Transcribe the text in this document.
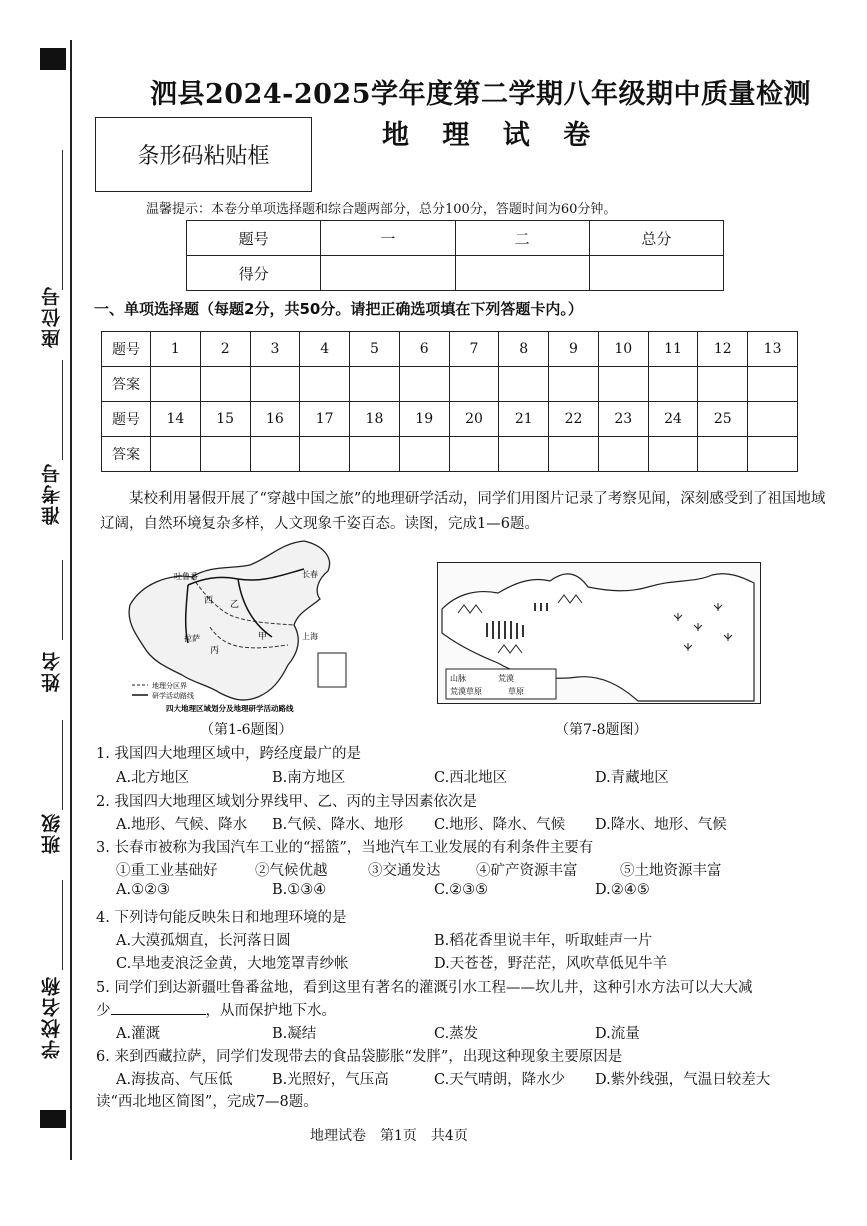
座位号
准考号
姓名
班级
学校名称
泗县2024-2025学年度第二学期八年级期中质量检测
地 理 试 卷
条形码粘贴框
温馨提示：本卷分单项选择题和综合题两部分，总分100分，答题时间为60分钟。
题号	一	二	总分
得分			
一、单项选择题（每题2分，共50分。请把正确选项填在下列答题卡内。）
题号	1	2	3	4	5	6	7	8	9	10	11	12	13
答案													
题号	14	15	16	17	18	19	20	21	22	23	24	25	
答案													
某校利用暑假开展了“穿越中国之旅”的地理研学活动，同学们用图片记录了考察见闻，深刻感受到了祖国地域辽阔，自然环境复杂多样，人文现象千姿百态。读图，完成1—6题。
吐鲁番	长春
西 乙
拉萨	甲	上海
丙
地理分区界
研学活动路线
四大地理区域划分及地理研学活动路线
（第1-6题图）
山脉	荒漠
荒漠草原	草原
（第7-8题图）
1. 我国四大地理区域中，跨经度最广的是
A.北方地区	B.南方地区	C.西北地区	D.青藏地区
2. 我国四大地理区域划分界线甲、乙、丙的主导因素依次是
A.地形、气候、降水 B.气候、降水、地形 C.地形、降水、气候 D.降水、地形、气候
3. 长春市被称为我国汽车工业的“摇篮”，当地汽车工业发展的有利条件主要有
①重工业基础好	②气候优越	③交通发达 ④矿产资源丰富	⑤土地资源丰富
A.①②③	B.①③④	C.②③⑤	D.②④⑤
4. 下列诗句能反映朱日和地理环境的是
A.大漠孤烟直，长河落日圆	B.稻花香里说丰年，听取蛙声一片
C.旱地麦浪泛金黄，大地笼罩青纱帐	D.天苍苍，野茫茫，风吹草低见牛羊
5. 同学们到达新疆吐鲁番盆地，看到这里有著名的灌溉引水工程——坎儿井，这种引水方法可以大大减
少	，从而保护地下水。
A.灌溉	B.凝结	C.蒸发	D.流量
6. 来到西藏拉萨，同学们发现带去的食品袋膨胀“发胖”，出现这种现象主要原因是
A.海拔高、气压低	B.光照好，气压高	C.天气晴朗，降水少 D.紫外线强，气温日较差大
读“西北地区简图”，完成7—8题。
地理试卷　第1页　共4页
